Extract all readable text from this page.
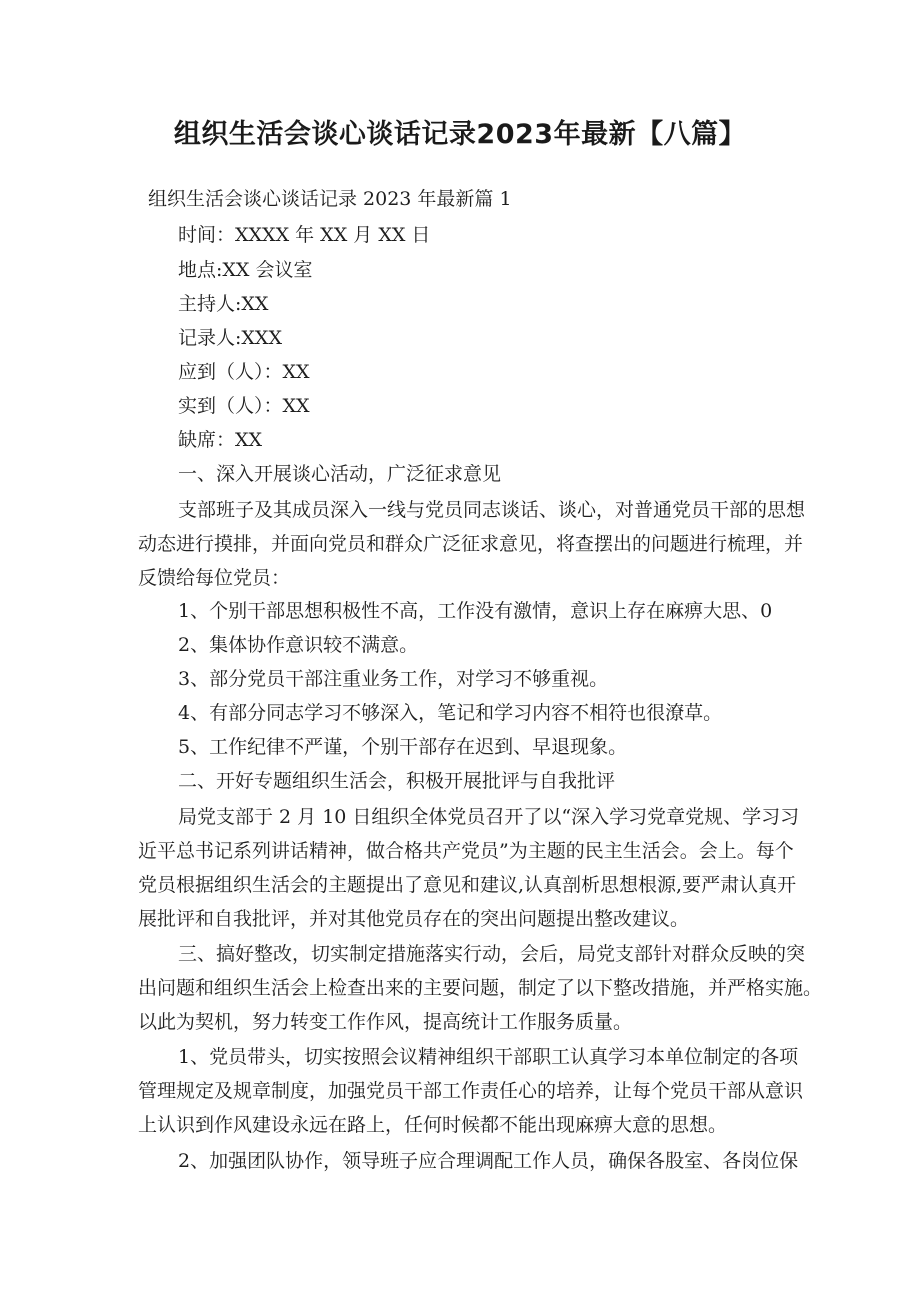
组织生活会谈心谈话记录2023年最新【八篇】
组织生活会谈心谈话记录 2023 年最新篇 1
时间：XXXX 年 XX 月 XX 日
地点:XX 会议室
主持人:XX
记录人:XXX
应到（人）：XX
实到（人）：XX
缺席：XX
一、深入开展谈心活动，广泛征求意见
支部班子及其成员深入一线与党员同志谈话、谈心，对普通党员干部的思想
动态进行摸排，并面向党员和群众广泛征求意见，将查摆出的问题进行梳理，并
反馈给每位党员：
1、个别干部思想积极性不高，工作没有激情，意识上存在麻痹大思、0
2、集体协作意识较不满意。
3、部分党员干部注重业务工作，对学习不够重视。
4、有部分同志学习不够深入，笔记和学习内容不相符也很潦草。
5、工作纪律不严谨，个别干部存在迟到、早退现象。
二、开好专题组织生活会，积极开展批评与自我批评
局党支部于 2 月 10 日组织全体党员召开了以“深入学习党章党规、学习习
近平总书记系列讲话精神，做合格共产党员”为主题的民主生活会。会上。每个
党员根据组织生活会的主题提出了意见和建议,认真剖析思想根源,要严肃认真开
展批评和自我批评，并对其他党员存在的突出问题提出整改建议。
三、搞好整改，切实制定措施落实行动，会后，局党支部针对群众反映的突
出问题和组织生活会上检查出来的主要问题，制定了以下整改措施，并严格实施。
以此为契机，努力转变工作作风，提高统计工作服务质量。
1、党员带头，切实按照会议精神组织干部职工认真学习本单位制定的各项
管理规定及规章制度，加强党员干部工作责任心的培养，让每个党员干部从意识
上认识到作风建设永远在路上，任何时候都不能出现麻痹大意的思想。
2、加强团队协作，领导班子应合理调配工作人员，确保各股室、各岗位保
